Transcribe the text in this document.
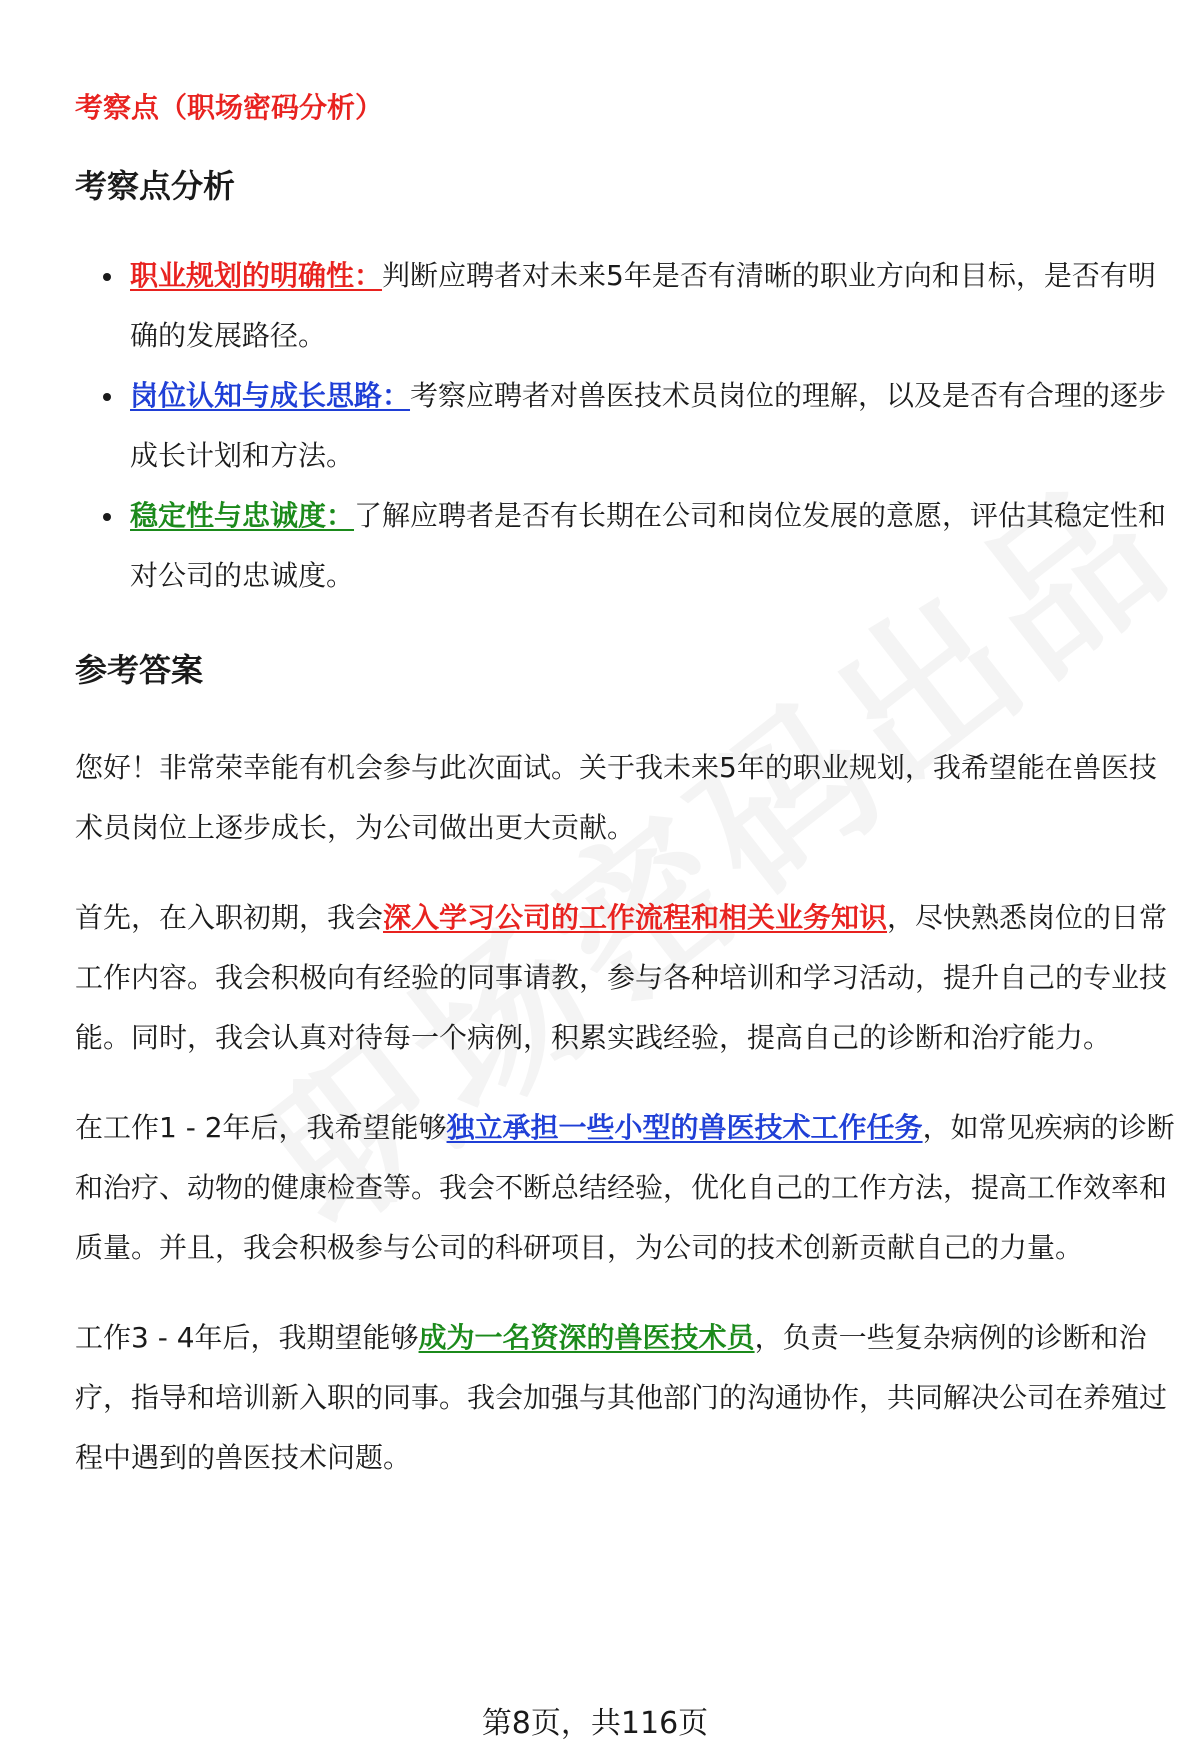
考察点（职场密码分析）
考察点分析
职业规划的明确性：判断应聘者对未来5年是否有清晰的职业方向和目标，是否有明确的发展路径。
岗位认知与成长思路：考察应聘者对兽医技术员岗位的理解，以及是否有合理的逐步成长计划和方法。
稳定性与忠诚度：了解应聘者是否有长期在公司和岗位发展的意愿，评估其稳定性和对公司的忠诚度。
参考答案

您好！非常荣幸能有机会参与此次面试。关于我未来5年的职业规划，我希望能在兽医技术员岗位上逐步成长，为公司做出更大贡献。

首先，在入职初期，我会深入学习公司的工作流程和相关业务知识，尽快熟悉岗位的日常工作内容。我会积极向有经验的同事请教，参与各种培训和学习活动，提升自己的专业技能。同时，我会认真对待每一个病例，积累实践经验，提高自己的诊断和治疗能力。

在工作1 - 2年后，我希望能够独立承担一些小型的兽医技术工作任务，如常见疾病的诊断和治疗、动物的健康检查等。我会不断总结经验，优化自己的工作方法，提高工作效率和质量。并且，我会积极参与公司的科研项目，为公司的技术创新贡献自己的力量。

工作3 - 4年后，我期望能够成为一名资深的兽医技术员，负责一些复杂病例的诊断和治疗，指导和培训新入职的同事。我会加强与其他部门的沟通协作，共同解决公司在养殖过程中遇到的兽医技术问题。

第8页，共116页
